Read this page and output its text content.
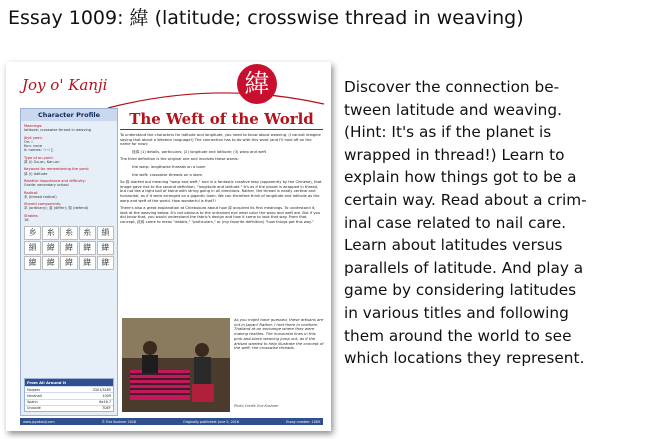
Essay 1009: 緯 (latitude; crosswise thread in weaving)
Joy o' Kanji	緯
Character Profile
Meanings:
latitude; crosswise thread in weaving
Jōyō yomi:
On: i
Kun: none
In names: つつじ
Type of on-yomi:
緯 (i) Go-on, Kan-on
Keyword for remembering the yomi:
緯 (i) latitude
Relative importance and difficulty:
Grade: secondary school
Radical:
糸 (thread radical)
Shared components:
韋 (ordinary); 違 (differ); 衛 (defend)
Strokes:
16
乡	糸	糸	糸	縜
縜	緯	緯	緯	緯
緯	緯	緯	緯	緯
From All Around It
Halpern	3301/3285
Henshall	1009
Spahn	6a16.7
Unicode	7DEF
The Weft of the World
To understand the characters for latitude and longitude, you need to know about weaving. (I cannot imagine saying that about a Western language!) The connection has to do with this word (and I'll hold off on the name for now):
経緯 (1) details, particulars; (2) longitude and latitude; (3) warp and weft
The third definition is the original one and involves these words:
the warp: lengthwise threads on a loom
the weft: crosswise threads on a loom
So 緯 started out meaning "warp and weft," and in a fantastic creative leap (apparently by the Chinese), that image gave rise to the second definition, "longitude and latitude." It's as if the planet is wrapped in thread, but not like a tight ball of twine with string going in all directions. Rather, the thread is neatly vertical and horizontal, as if it were arranged on a gigantic loom. We can therefore think of longitude and latitude as the warp and weft of the world. How wonderful is that?!
There's also a great explanation at Chiebukuro about how 緯 acquired its first meanings. To understand it, look at the weaving below. It's not obvious to the untrained eye what color the warp and weft are. But if you did know that, you would understand the fabric's design and how it came to look that way. From that concept, 経緯 came to mean "details," "particulars," or (my favorite definition) "how things got this way."
As you might have guessed, these artisans are not in Japan! Rather, I met them in northern Thailand at an exchange where they were making textiles. The horizontal lines in this pink-and-black weaving jump out, as if the artisan wanted to help illustrate the concept of the weft, the crosswise threads.
Photo Credit: Eve Kushner
www.joyokanji.com	© Eve Kushner 2016	Originally published: June 5, 2016	Essay number: 1009

Discover the connection be-

tween latitude and weaving.

(Hint: It's as if the planet is

wrapped in thread!) Learn to

explain how things got to be a

certain way. Read about a crim-

inal case related to nail care.

Learn about latitudes versus

parallels of latitude. And play a

game by considering latitudes

in various titles and following

them around the world to see

which locations they represent.
